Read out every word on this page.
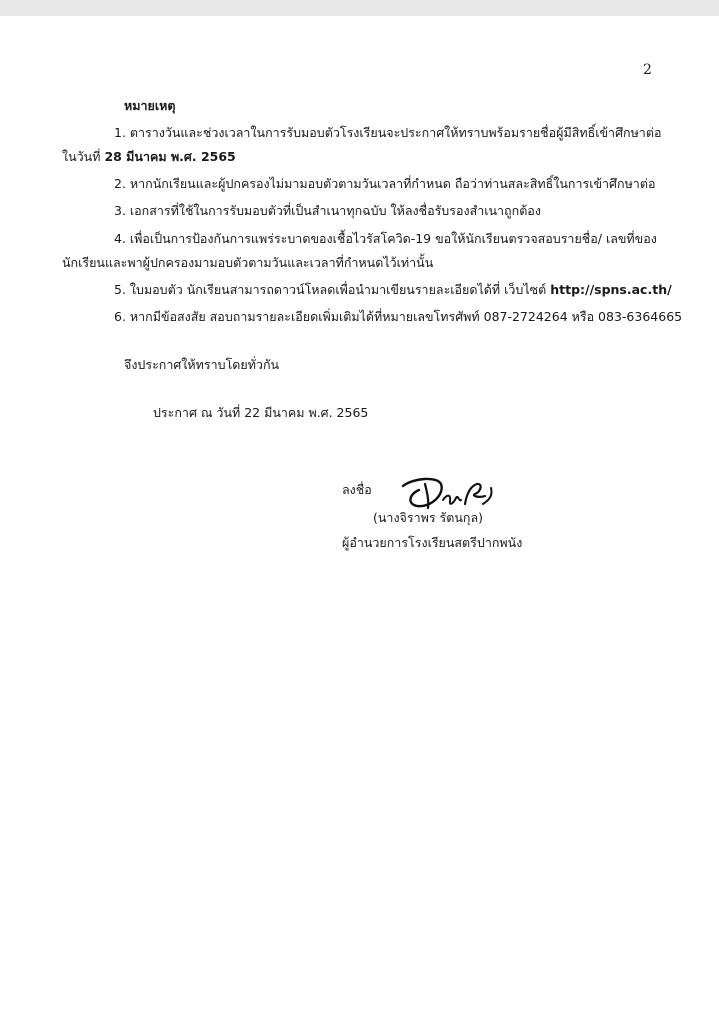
2
หมายเหตุ
1. ตารางวันและช่วงเวลาในการรับมอบตัวโรงเรียนจะประกาศให้ทราบพร้อมรายชื่อผู้มีสิทธิ์เข้าศึกษาต่อ
ในวันที่ 28 มีนาคม พ.ศ. 2565
2. หากนักเรียนและผู้ปกครองไม่มามอบตัวตามวันเวลาที่กำหนด ถือว่าท่านสละสิทธิ์ในการเข้าศึกษาต่อ
3. เอกสารที่ใช้ในการรับมอบตัวที่เป็นสำเนาทุกฉบับ ให้ลงชื่อรับรองสำเนาถูกต้อง
4. เพื่อเป็นการป้องกันการแพร่ระบาดของเชื้อไวรัสโควิด-19 ขอให้นักเรียนตรวจสอบรายชื่อ/ เลขที่ของ
นักเรียนและพาผู้ปกครองมามอบตัวตามวันและเวลาที่กำหนดไว้เท่านั้น
5. ใบมอบตัว นักเรียนสามารถดาวน์โหลดเพื่อนำมาเขียนรายละเอียดได้ที่ เว็บไซต์ http://spns.ac.th/
6. หากมีข้อสงสัย สอบถามรายละเอียดเพิ่มเติมได้ที่หมายเลขโทรศัพท์ 087-2724264 หรือ 083-6364665
จึงประกาศให้ทราบโดยทั่วกัน
ประกาศ ณ วันที่ 22 มีนาคม พ.ศ. 2565
ลงชื่อ
(นางจิราพร รัตนกุล)
ผู้อำนวยการโรงเรียนสตรีปากพนัง
